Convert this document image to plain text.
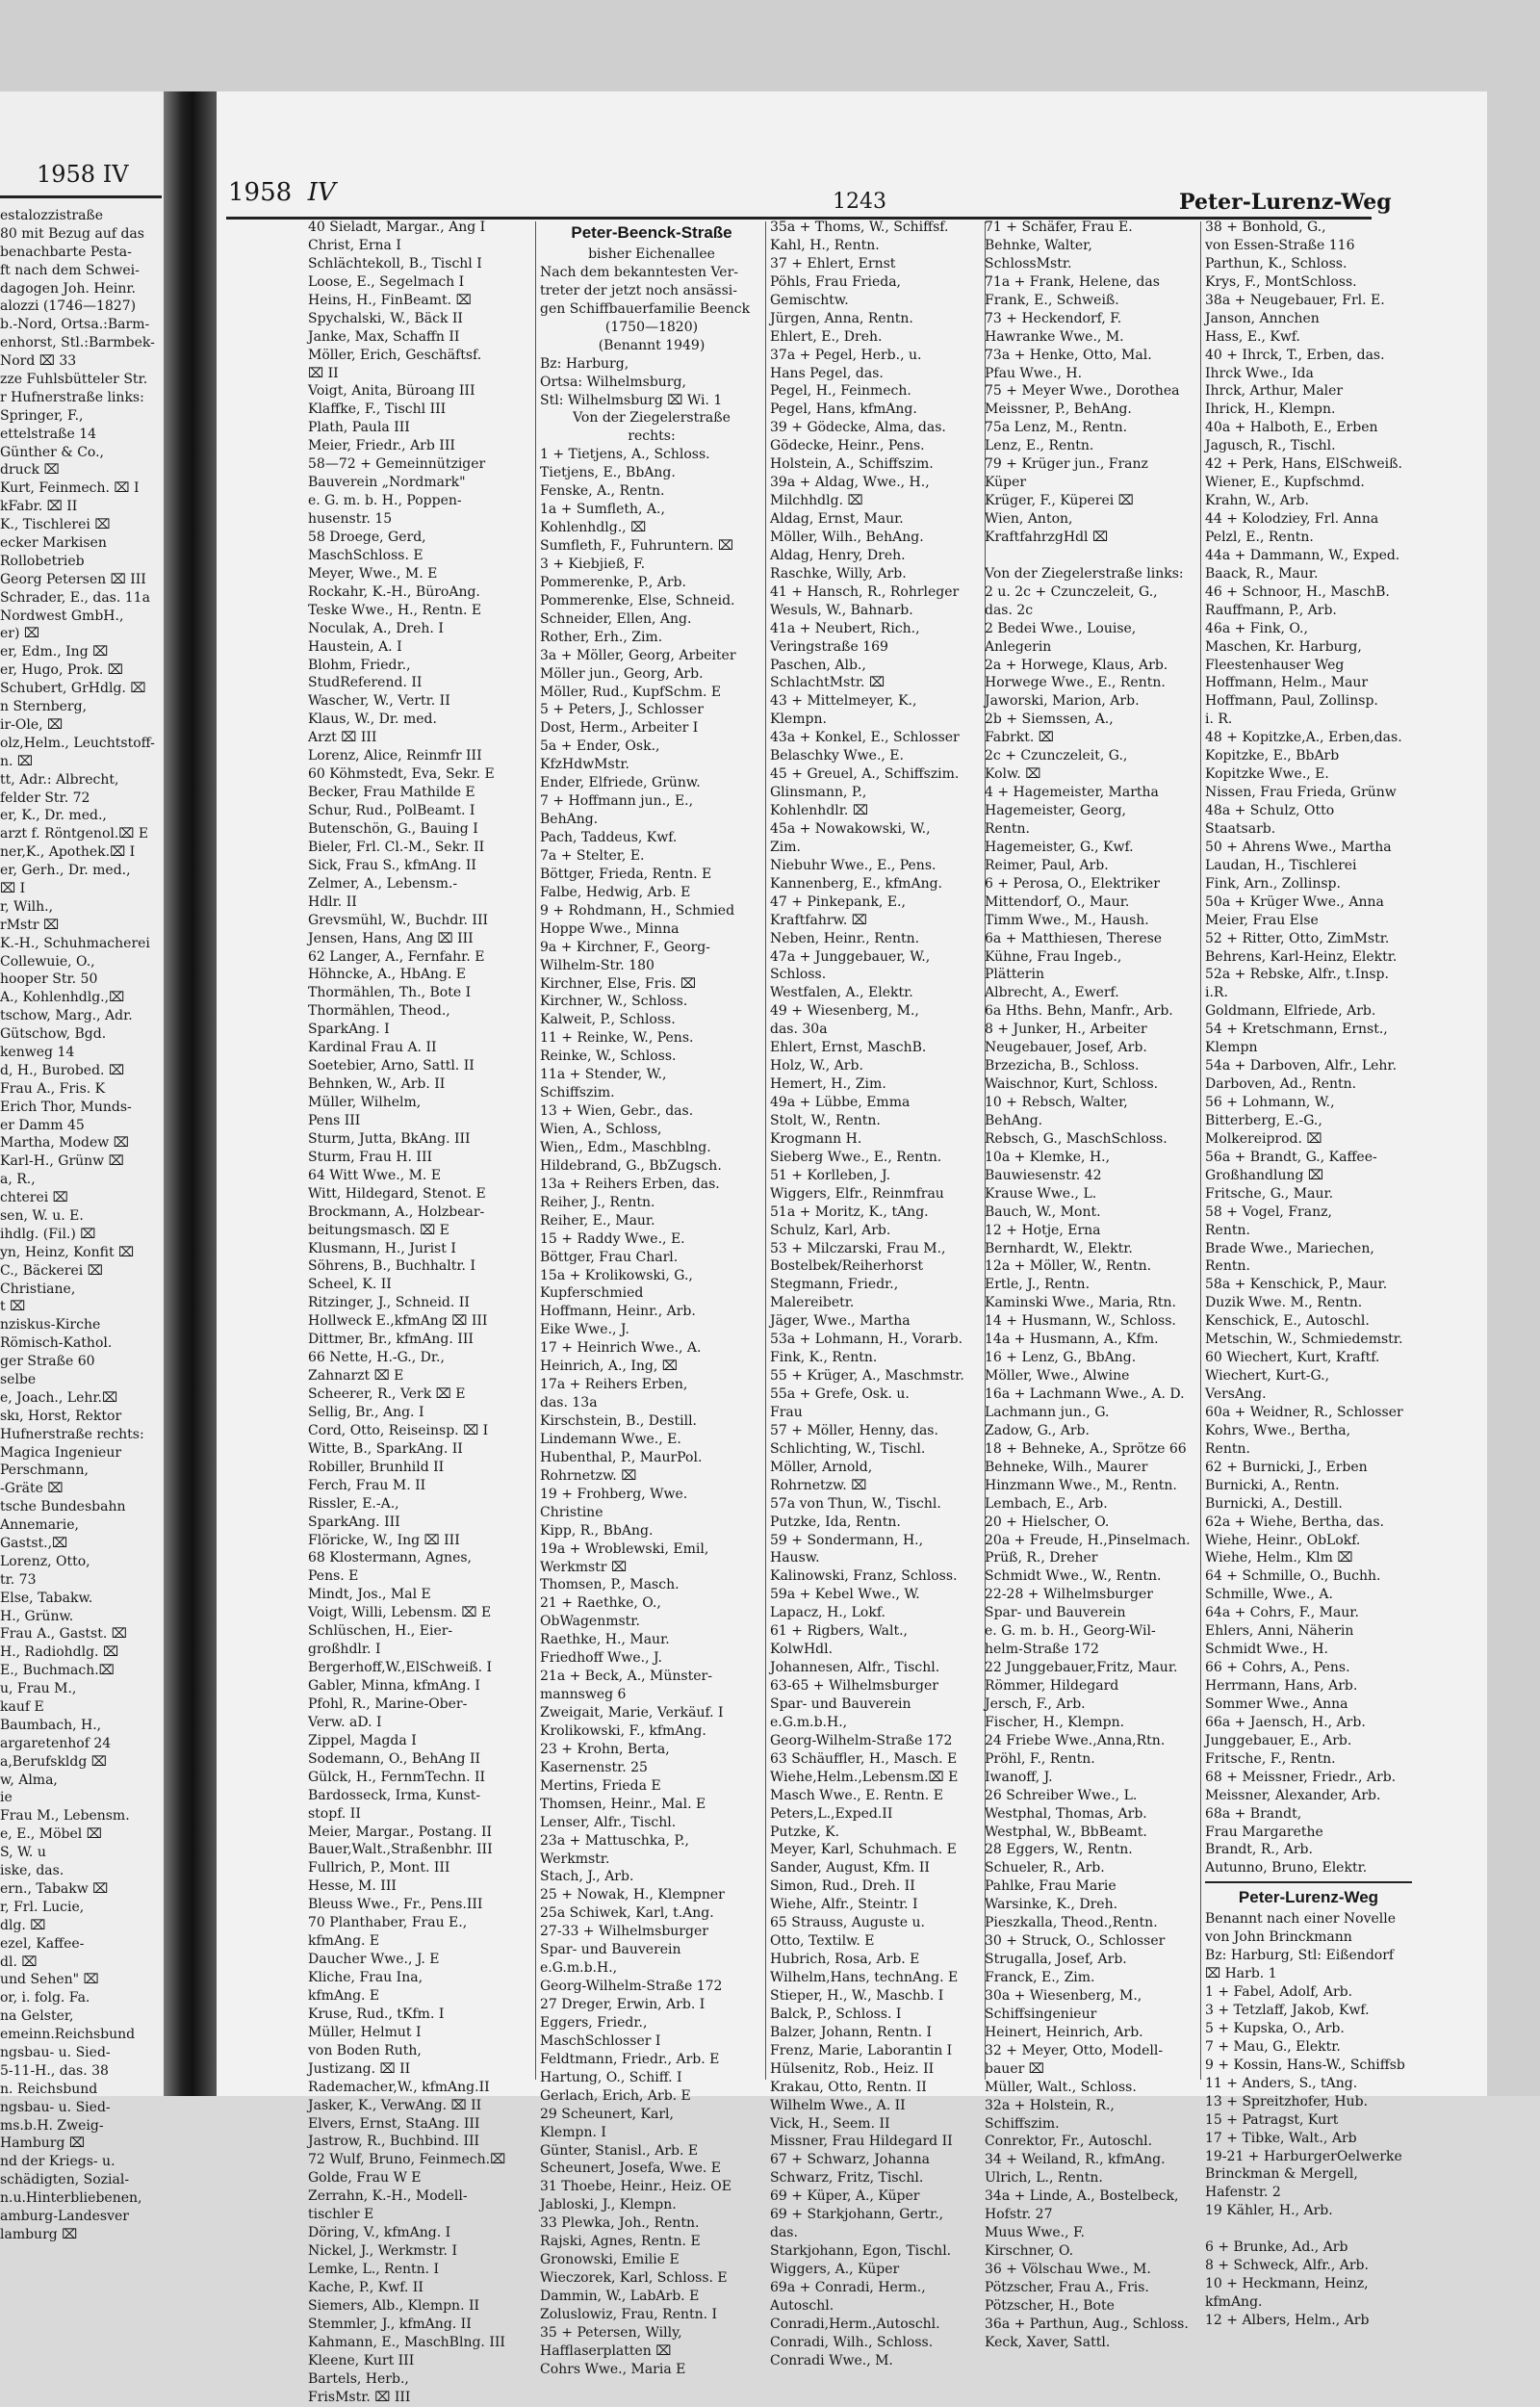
1958 IV
estalozzistraße
80 mit Bezug auf das
benachbarte Pesta-
ft nach dem Schwei-
dagogen Joh. Heinr.
alozzi (1746—1827)
b.-Nord, Ortsa.:Barm-
enhorst, Stl.:Barmbek-
Nord ⌧ 33
zze Fuhlsbütteler Str.
r Hufnerstraße links:
Springer, F.,
ettelstraße 14
Günther & Co.,
druck ⌧
Kurt, Feinmech. ⌧ I
kFabr. ⌧ II
K., Tischlerei ⌧
ecker Markisen
Rollobetrieb
Georg Petersen ⌧ III
Schrader, E., das. 11a
Nordwest GmbH.,
er) ⌧
er, Edm., Ing ⌧
er, Hugo, Prok. ⌧
Schubert, GrHdlg. ⌧
n Sternberg,
ir-Ole, ⌧
olz,Helm., Leuchtstoff-
n. ⌧
tt, Adr.: Albrecht,
felder Str. 72
er, K., Dr. med.,
arzt f. Röntgenol.⌧ E
ner,K., Apothek.⌧ I
er, Gerh., Dr. med.,
⌧ I
r, Wilh.,
rMstr ⌧
K.-H., Schuhmacherei
Collewuie, O.,
hooper Str. 50
A., Kohlenhdlg.,⌧
tschow, Marg., Adr.
Gütschow, Bgd.
kenweg 14
d, H., Burobed. ⌧
Frau A., Fris. K
Erich Thor, Munds-
er Damm 45
Martha, Modew ⌧
Karl-H., Grünw ⌧
a, R.,
chterei ⌧
sen, W. u. E.
ihdlg. (Fil.) ⌧
yn, Heinz, Konfit ⌧
C., Bäckerei ⌧
Christiane,
t ⌧
nziskus-Kirche
Römisch-Kathol.
ger Straße 60
selbe
e, Joach., Lehr.⌧
skı, Horst, Rektor
Hufnerstraße rechts:
Magica Ingenieur
Perschmann,
-Gräte ⌧
tsche Bundesbahn
Annemarie,
Gastst.,⌧
Lorenz, Otto,
tr. 73
Else, Tabakw.
H., Grünw.
Frau A., Gastst. ⌧
H., Radiohdlg. ⌧
E., Buchmach.⌧
u, Frau M.,
kauf E
Baumbach, H.,
argaretenhof 24
a,Berufskldg ⌧
w, Alma,
ie
Frau M., Lebensm.
e, E., Möbel ⌧
S, W. u
iske, das.
ern., Tabakw ⌧
r, Frl. Lucie,
dlg. ⌧
ezel, Kaffee-
dl. ⌧
und Sehen" ⌧
or, i. folg. Fa.
na Gelster,
emeinn.Reichsbund
ngsbau- u. Sied-
5-11-H., das. 38
n. Reichsbund
ngsbau- u. Sied-
ms.b.H. Zweig-
Hamburg ⌧
nd der Kriegs- u.
schädigten, Sozial-
n.u.Hinterbliebenen,
amburg-Landesver
lamburg ⌧
1958 IV	1243	Peter-Lurenz-Weg
40 Sieladt, Margar., Ang I
Christ, Erna I
Schlächtekoll, B., Tischl I
Loose, E., Segelmach I
Heins, H., FinBeamt. ⌧
Spychalski, W., Bäck II
Janke, Max, Schaffn II
Möller, Erich, Geschäftsf.
⌧ II
Voigt, Anita, Büroang III
Klaffke, F., Tischl III
Plath, Paula III
Meier, Friedr., Arb III
58—72 + Gemeinnütziger
Bauverein „Nordmark"
e. G. m. b. H., Poppen-
husenstr. 15
58 Droege, Gerd,
MaschSchloss. E
Meyer, Wwe., M. E
Rockahr, K.-H., BüroAng.
Teske Wwe., H., Rentn. E
Noculak, A., Dreh. I
Haustein, A. I
Blohm, Friedr.,
StudReferend. II
Wascher, W., Vertr. II
Klaus, W., Dr. med.
Arzt ⌧ III
Lorenz, Alice, Reinmfr III
60 Köhmstedt, Eva, Sekr. E
Becker, Frau Mathilde E
Schur, Rud., PolBeamt. I
Butenschön, G., Bauing I
Bieler, Frl. Cl.-M., Sekr. II
Sick, Frau S., kfmAng. II
Zelmer, A., Lebensm.-
Hdlr. II
Grevsmühl, W., Buchdr. III
Jensen, Hans, Ang ⌧ III
62 Langer, A., Fernfahr. E
Höhncke, A., HbAng. E
Thormählen, Th., Bote I
Thormählen, Theod.,
SparkAng. I
Kardinal Frau A. II
Soetebier, Arno, Sattl. II
Behnken, W., Arb. II
Müller, Wilhelm,
Pens III
Sturm, Jutta, BkAng. III
Sturm, Frau H. III
64 Witt Wwe., M. E
Witt, Hildegard, Stenot. E
Brockmann, A., Holzbear-
beitungsmasch. ⌧ E
Klusmann, H., Jurist I
Söhrens, B., Buchhaltr. I
Scheel, K. II
Ritzinger, J., Schneid. II
Hollweck E.,kfmAng ⌧ III
Dittmer, Br., kfmAng. III
66 Nette, H.-G., Dr.,
Zahnarzt ⌧ E
Scheerer, R., Verk ⌧ E
Sellig, Br., Ang. I
Cord, Otto, Reiseinsp. ⌧ I
Witte, B., SparkAng. II
Robiller, Brunhild II
Ferch, Frau M. II
Rissler, E.-A.,
SparkAng. III
Flöricke, W., Ing ⌧ III
68 Klostermann, Agnes,
Pens. E
Mindt, Jos., Mal E
Voigt, Willi, Lebensm. ⌧ E
Schlüschen, H., Eier-
großhdlr. I
Bergerhoff,W.,ElSchweiß. I
Gabler, Minna, kfmAng. I
Pfohl, R., Marine-Ober-
Verw. aD. I
Zippel, Magda I
Sodemann, O., BehAng II
Gülck, H., FernmTechn. II
Bardosseck, Irma, Kunst-
stopf. II
Meier, Margar., Postang. II
Bauer,Walt.,Straßenbhr. III
Fullrich, P., Mont. III
Hesse, M. III
Bleuss Wwe., Fr., Pens.III
70 Planthaber, Frau E.,
kfmAng. E
Daucher Wwe., J. E
Kliche, Frau Ina,
kfmAng. E
Kruse, Rud., tKfm. I
Müller, Helmut I
von Boden Ruth,
Justizang. ⌧ II
Rademacher,W., kfmAng.II
Jasker, K., VerwAng. ⌧ II
Elvers, Ernst, StaAng. III
Jastrow, R., Buchbind. III
72 Wulf, Bruno, Feinmech.⌧
Golde, Frau W E
Zerrahn, K.-H., Modell-
tischler E
Döring, V., kfmAng. I
Nickel, J., Werkmstr. I
Lemke, L., Rentn. I
Kache, P., Kwf. II
Siemers, Alb., Klempn. II
Stemmler, J., kfmAng. II
Kahmann, E., MaschBlng. III
Kleene, Kurt III
Bartels, Herb.,
FrisMstr. ⌧ III
Peter-Beenck-Straße
bisher Eichenallee
Nach dem bekanntesten Ver-
treter der jetzt noch ansässi-
gen Schiffbauerfamilie Beenck
(1750—1820)
(Benannt 1949)
Bz: Harburg,
Ortsa: Wilhelmsburg,
Stl: Wilhelmsburg ⌧ Wi. 1
Von der Ziegelerstraße
rechts:
1 + Tietjens, A., Schloss.
Tietjens, E., BbAng.
Fenske, A., Rentn.
1a + Sumfleth, A.,
Kohlenhdlg., ⌧
Sumfleth, F., Fuhruntern. ⌧
3 + Kiebjieß, F.
Pommerenke, P., Arb.
Pommerenke, Else, Schneid.
Schneider, Ellen, Ang.
Rother, Erh., Zim.
3a + Möller, Georg, Arbeiter
Möller jun., Georg, Arb.
Möller, Rud., KupfSchm. E
5 + Peters, J., Schlosser
Dost, Herm., Arbeiter I
5a + Ender, Osk.,
KfzHdwMstr.
Ender, Elfriede, Grünw.
7 + Hoffmann jun., E.,
BehAng.
Pach, Taddeus, Kwf.
7a + Stelter, E.
Böttger, Frieda, Rentn. E
Falbe, Hedwig, Arb. E
9 + Rohdmann, H., Schmied
Hoppe Wwe., Minna
9a + Kirchner, F., Georg-
Wilhelm-Str. 180
Kirchner, Else, Fris. ⌧
Kirchner, W., Schloss.
Kalweit, P., Schloss.
11 + Reinke, W., Pens.
Reinke, W., Schloss.
11a + Stender, W.,
Schiffszim.
13 + Wien, Gebr., das.
Wien, A., Schloss,
Wien,, Edm., Maschblng.
Hildebrand, G., BbZugsch.
13a + Reihers Erben, das.
Reiher, J., Rentn.
Reiher, E., Maur.
15 + Raddy Wwe., E.
Böttger, Frau Charl.
15a + Krolikowski, G.,
Kupferschmied
Hoffmann, Heinr., Arb.
Eike Wwe., J.
17 + Heinrich Wwe., A.
Heinrich, A., Ing, ⌧
17a + Reihers Erben,
das. 13a
Kirschstein, B., Destill.
Lindemann Wwe., E.
Hubenthal, P., MaurPol.
Rohrnetzw. ⌧
19 + Frohberg, Wwe.
Christine
Kipp, R., BbAng.
19a + Wroblewski, Emil,
Werkmstr ⌧
Thomsen, P., Masch.
21 + Raethke, O.,
ObWagenmstr.
Raethke, H., Maur.
Friedhoff Wwe., J.
21a + Beck, A., Münster-
mannsweg 6
Zweigait, Marie, Verkäuf. I
Krolikowski, F., kfmAng.
23 + Krohn, Berta,
Kasernenstr. 25
Mertins, Frieda E
Thomsen, Heinr., Mal. E
Lenser, Alfr., Tischl.
23a + Mattuschka, P.,
Werkmstr.
Stach, J., Arb.
25 + Nowak, H., Klempner
25a Schiwek, Karl, t.Ang.
27-33 + Wilhelmsburger
Spar- und Bauverein
e.G.m.b.H.,
Georg-Wilhelm-Straße 172
27 Dreger, Erwin, Arb. I
Eggers, Friedr.,
MaschSchlosser I
Feldtmann, Friedr., Arb. E
Hartung, O., Schiff. I
Gerlach, Erich, Arb. E
29 Scheunert, Karl,
Klempn. I
Günter, Stanisl., Arb. E
Scheunert, Josefa, Wwe. E
31 Thoebe, Heinr., Heiz. OE
Jabloski, J., Klempn.
33 Plewka, Joh., Rentn.
Rajski, Agnes, Rentn. E
Gronowski, Emilie E
Wieczorek, Karl, Schloss. E
Dammin, W., LabArb. E
Zoluslowiz, Frau, Rentn. I
35 + Petersen, Willy,
Hafflaserplatten ⌧
Cohrs Wwe., Maria E
35a + Thoms, W., Schiffsf.
Kahl, H., Rentn.
37 + Ehlert, Ernst
Pöhls, Frau Frieda,
Gemischtw.
Jürgen, Anna, Rentn.
Ehlert, E., Dreh.
37a + Pegel, Herb., u.
Hans Pegel, das.
Pegel, H., Feinmech.
Pegel, Hans, kfmAng.
39 + Gödecke, Alma, das.
Gödecke, Heinr., Pens.
Holstein, A., Schiffszim.
39a + Aldag, Wwe., H.,
Milchhdlg. ⌧
Aldag, Ernst, Maur.
Möller, Wilh., BehAng.
Aldag, Henry, Dreh.
Raschke, Willy, Arb.
41 + Hansch, R., Rohrleger
Wesuls, W., Bahnarb.
41a + Neubert, Rich.,
Veringstraße 169
Paschen, Alb.,
SchlachtMstr. ⌧
43 + Mittelmeyer, K.,
Klempn.
43a + Konkel, E., Schlosser
Belaschky Wwe., E.
45 + Greuel, A., Schiffszim.
Glinsmann, P.,
Kohlenhdlr. ⌧
45a + Nowakowski, W.,
Zim.
Niebuhr Wwe., E., Pens.
Kannenberg, E., kfmAng.
47 + Pinkepank, E.,
Kraftfahrw. ⌧
Neben, Heinr., Rentn.
47a + Junggebauer, W.,
Schloss.
Westfalen, A., Elektr.
49 + Wiesenberg, M.,
das. 30a
Ehlert, Ernst, MaschB.
Holz, W., Arb.
Hemert, H., Zim.
49a + Lübbe, Emma
Stolt, W., Rentn.
Krogmann H.
Sieberg Wwe., E., Rentn.
51 + Korlleben, J.
Wiggers, Elfr., Reinmfrau
51a + Moritz, K., tAng.
Schulz, Karl, Arb.
53 + Milczarski, Frau M.,
Bostelbek/Reiherhorst
Stegmann, Friedr.,
Malereibetr.
Jäger, Wwe., Martha
53a + Lohmann, H., Vorarb.
Fink, K., Rentn.
55 + Krüger, A., Maschmstr.
55a + Grefe, Osk. u.
Frau
57 + Möller, Henny, das.
Schlichting, W., Tischl.
Möller, Arnold,
Rohrnetzw. ⌧
57a von Thun, W., Tischl.
Putzke, Ida, Rentn.
59 + Sondermann, H.,
Hausw.
Kalinowski, Franz, Schloss.
59a + Kebel Wwe., W.
Lapacz, H., Lokf.
61 + Rigbers, Walt.,
KolwHdl.
Johannesen, Alfr., Tischl.
63-65 + Wilhelmsburger
Spar- und Bauverein
e.G.m.b.H.,
Georg-Wilhelm-Straße 172
63 Schäuffler, H., Masch. E
Wiehe,Helm.,Lebensm.⌧ E
Masch Wwe., E. Rentn. E
Peters,L.,Exped.II
Putzke, K.
Meyer, Karl, Schuhmach. E
Sander, August, Kfm. II
Simon, Rud., Dreh. II
Wiehe, Alfr., Steintr. I
65 Strauss, Auguste u.
Otto, Textilw. E
Hubrich, Rosa, Arb. E
Wilhelm,Hans, technAng. E
Stieper, H., W., Maschb. I
Balck, P., Schloss. I
Balzer, Johann, Rentn. I
Frenz, Marie, Laborantin I
Hülsenitz, Rob., Heiz. II
Krakau, Otto, Rentn. II
Wilhelm Wwe., A. II
Vick, H., Seem. II
Missner, Frau Hildegard II
67 + Schwarz, Johanna
Schwarz, Fritz, Tischl.
69 + Küper, A., Küper
69 + Starkjohann, Gertr.,
das.
Starkjohann, Egon, Tischl.
Wiggers, A., Küper
69a + Conradi, Herm.,
Autoschl.
Conradi,Herm.,Autoschl.
Conradi, Wilh., Schloss.
Conradi Wwe., M.
71 + Schäfer, Frau E.
Behnke, Walter,
SchlossMstr.
71a + Frank, Helene, das
Frank, E., Schweiß.
73 + Heckendorf, F.
Hawranke Wwe., M.
73a + Henke, Otto, Mal.
Pfau Wwe., H.
75 + Meyer Wwe., Dorothea
Meissner, P., BehAng.
75a Lenz, M., Rentn.
Lenz, E., Rentn.
79 + Krüger jun., Franz
Küper
Krüger, F., Küperei ⌧
Wien, Anton,
KraftfahrzgHdl ⌧
Von der Ziegelerstraße links:
2 u. 2c + Czunczeleit, G.,
das. 2c
2 Bedei Wwe., Louise,
Anlegerin
2a + Horwege, Klaus, Arb.
Horwege Wwe., E., Rentn.
Jaworski, Marion, Arb.
2b + Siemssen, A.,
Fabrkt. ⌧
2c + Czunczeleit, G.,
Kolw. ⌧
4 + Hagemeister, Martha
Hagemeister, Georg,
Rentn.
Hagemeister, G., Kwf.
Reimer, Paul, Arb.
6 + Perosa, O., Elektriker
Mittendorf, O., Maur.
Timm Wwe., M., Haush.
6a + Matthiesen, Therese
Kühne, Frau Ingeb.,
Plätterin
Albrecht, A., Ewerf.
6a Hths. Behn, Manfr., Arb.
8 + Junker, H., Arbeiter
Neugebauer, Josef, Arb.
Brzezicha, B., Schloss.
Waischnor, Kurt, Schloss.
10 + Rebsch, Walter,
BehAng.
Rebsch, G., MaschSchloss.
10a + Klemke, H.,
Bauwiesenstr. 42
Krause Wwe., L.
Bauch, W., Mont.
12 + Hotje, Erna
Bernhardt, W., Elektr.
12a + Möller, W., Rentn.
Ertle, J., Rentn.
Kaminski Wwe., Maria, Rtn.
14 + Husmann, W., Schloss.
14a + Husmann, A., Kfm.
16 + Lenz, G., BbAng.
Möller, Wwe., Alwine
16a + Lachmann Wwe., A. D.
Lachmann jun., G.
Zadow, G., Arb.
18 + Behneke, A., Sprötze 66
Behneke, Wilh., Maurer
Hinzmann Wwe., M., Rentn.
Lembach, E., Arb.
20 + Hielscher, O.
20a + Freude, H.,Pinselmach.
Prüß, R., Dreher
Schmidt Wwe., W., Rentn.
22-28 + Wilhelmsburger
Spar- und Bauverein
e. G. m. b. H., Georg-Wil-
helm-Straße 172
22 Junggebauer,Fritz, Maur.
Römmer, Hildegard
Jersch, F., Arb.
Fischer, H., Klempn.
24 Friebe Wwe.,Anna,Rtn.
Pröhl, F., Rentn.
Iwanoff, J.
26 Schreiber Wwe., L.
Westphal, Thomas, Arb.
Westphal, W., BbBeamt.
28 Eggers, W., Rentn.
Schueler, R., Arb.
Pahlke, Frau Marie
Warsinke, K., Dreh.
Pieszkalla, Theod.,Rentn.
30 + Struck, O., Schlosser
Strugalla, Josef, Arb.
Franck, E., Zim.
30a + Wiesenberg, M.,
Schiffsingenieur
Heinert, Heinrich, Arb.
32 + Meyer, Otto, Modell-
bauer ⌧
Müller, Walt., Schloss.
32a + Holstein, R.,
Schiffszim.
Conrektor, Fr., Autoschl.
34 + Weiland, R., kfmAng.
Ulrich, L., Rentn.
34a + Linde, A., Bostelbeck,
Hofstr. 27
Muus Wwe., F.
Kirschner, O.
36 + Völschau Wwe., M.
Pötzscher, Frau A., Fris.
Pötzscher, H., Bote
36a + Parthun, Aug., Schloss.
Keck, Xaver, Sattl.
38 + Bonhold, G.,
von Essen-Straße 116
Parthun, K., Schloss.
Krys, F., MontSchloss.
38a + Neugebauer, Frl. E.
Janson, Annchen
Hass, E., Kwf.
40 + Ihrck, T., Erben, das.
Ihrck Wwe., Ida
Ihrck, Arthur, Maler
Ihrick, H., Klempn.
40a + Halboth, E., Erben
Jagusch, R., Tischl.
42 + Perk, Hans, ElSchweiß.
Wiener, E., Kupfschmd.
Krahn, W., Arb.
44 + Kolodziey, Frl. Anna
Pelzl, E., Rentn.
44a + Dammann, W., Exped.
Baack, R., Maur.
46 + Schnoor, H., MaschB.
Rauffmann, P., Arb.
46a + Fink, O.,
Maschen, Kr. Harburg,
Fleestenhauser Weg
Hoffmann, Helm., Maur
Hoffmann, Paul, Zollinsp.
i. R.
48 + Kopitzke,A., Erben,das.
Kopitzke, E., BbArb
Kopitzke Wwe., E.
Nissen, Frau Frieda, Grünw
48a + Schulz, Otto
Staatsarb.
50 + Ahrens Wwe., Martha
Laudan, H., Tischlerei
Fink, Arn., Zollinsp.
50a + Krüger Wwe., Anna
Meier, Frau Else
52 + Ritter, Otto, ZimMstr.
Behrens, Karl-Heinz, Elektr.
52a + Rebske, Alfr., t.Insp.
i.R.
Goldmann, Elfriede, Arb.
54 + Kretschmann, Ernst.,
Klempn
54a + Darboven, Alfr., Lehr.
Darboven, Ad., Rentn.
56 + Lohmann, W.,
Bitterberg, E.-G.,
Molkereiprod. ⌧
56a + Brandt, G., Kaffee-
Großhandlung ⌧
Fritsche, G., Maur.
58 + Vogel, Franz,
Rentn.
Brade Wwe., Mariechen,
Rentn.
58a + Kenschick, P., Maur.
Duzik Wwe. M., Rentn.
Kenschick, E., Autoschl.
Metschin, W., Schmiedemstr.
60 Wiechert, Kurt, Kraftf.
Wiechert, Kurt-G.,
VersAng.
60a + Weidner, R., Schlosser
Kohrs, Wwe., Bertha,
Rentn.
62 + Burnicki, J., Erben
Burnicki, A., Rentn.
Burnicki, A., Destill.
62a + Wiehe, Bertha, das.
Wiehe, Heinr., ObLokf.
Wiehe, Helm., Klm ⌧
64 + Schmille, O., Buchh.
Schmille, Wwe., A.
64a + Cohrs, F., Maur.
Ehlers, Anni, Näherin
Schmidt Wwe., H.
66 + Cohrs, A., Pens.
Herrmann, Hans, Arb.
Sommer Wwe., Anna
66a + Jaensch, H., Arb.
Junggebauer, E., Arb.
Fritsche, F., Rentn.
68 + Meissner, Friedr., Arb.
Meissner, Alexander, Arb.
68a + Brandt,
Frau Margarethe
Brandt, R., Arb.
Autunno, Bruno, Elektr.
Peter-Lurenz-Weg
Benannt nach einer Novelle
von John Brinckmann
Bz: Harburg, Stl: Eißendorf
⌧ Harb. 1
1 + Fabel, Adolf, Arb.
3 + Tetzlaff, Jakob, Kwf.
5 + Kupska, O., Arb.
7 + Mau, G., Elektr.
9 + Kossin, Hans-W., Schiffsb
11 + Anders, S., tAng.
13 + Spreitzhofer, Hub.
15 + Patragst, Kurt
17 + Tibke, Walt., Arb
19-21 + HarburgerOelwerke
Brinckman & Mergell,
Hafenstr. 2
19 Kähler, H., Arb.
6 + Brunke, Ad., Arb
8 + Schweck, Alfr., Arb.
10 + Heckmann, Heinz,
kfmAng.
12 + Albers, Helm., Arb
